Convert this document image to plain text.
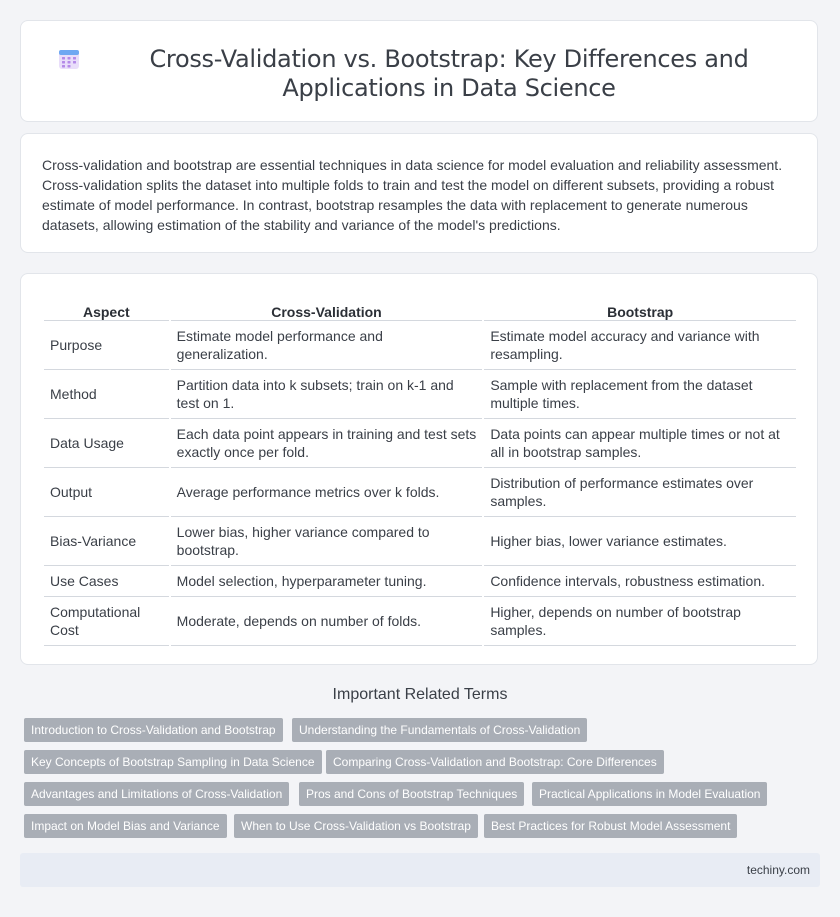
Cross-Validation vs. Bootstrap: Key Differences and Applications in Data Science
Cross-validation and bootstrap are essential techniques in data science for model evaluation and reliability assessment. Cross-validation splits the dataset into multiple folds to train and test the model on different subsets, providing a robust estimate of model performance. In contrast, bootstrap resamples the data with replacement to generate numerous datasets, allowing estimation of the stability and variance of the model's predictions.
Aspect	Cross-Validation	Bootstrap
Purpose	Estimate model performance and generalization.	Estimate model accuracy and variance with resampling.
Method	Partition data into k subsets; train on k-1 and test on 1.	Sample with replacement from the dataset multiple times.
Data Usage	Each data point appears in training and test sets exactly once per fold.	Data points can appear multiple times or not at all in bootstrap samples.
Output	Average performance metrics over k folds.	Distribution of performance estimates over samples.
Bias-Variance	Lower bias, higher variance compared to bootstrap.	Higher bias, lower variance estimates.
Use Cases	Model selection, hyperparameter tuning.	Confidence intervals, robustness estimation.
Computational Cost	Moderate, depends on number of folds.	Higher, depends on number of bootstrap samples.
Important Related Terms
Introduction to Cross-Validation and Bootstrap	Understanding the Fundamentals of Cross-Validation
Key Concepts of Bootstrap Sampling in Data Science	Comparing Cross-Validation and Bootstrap: Core Differences
Advantages and Limitations of Cross-Validation	Pros and Cons of Bootstrap Techniques	Practical Applications in Model Evaluation
Impact on Model Bias and Variance	When to Use Cross-Validation vs Bootstrap	Best Practices for Robust Model Assessment
techiny.com
